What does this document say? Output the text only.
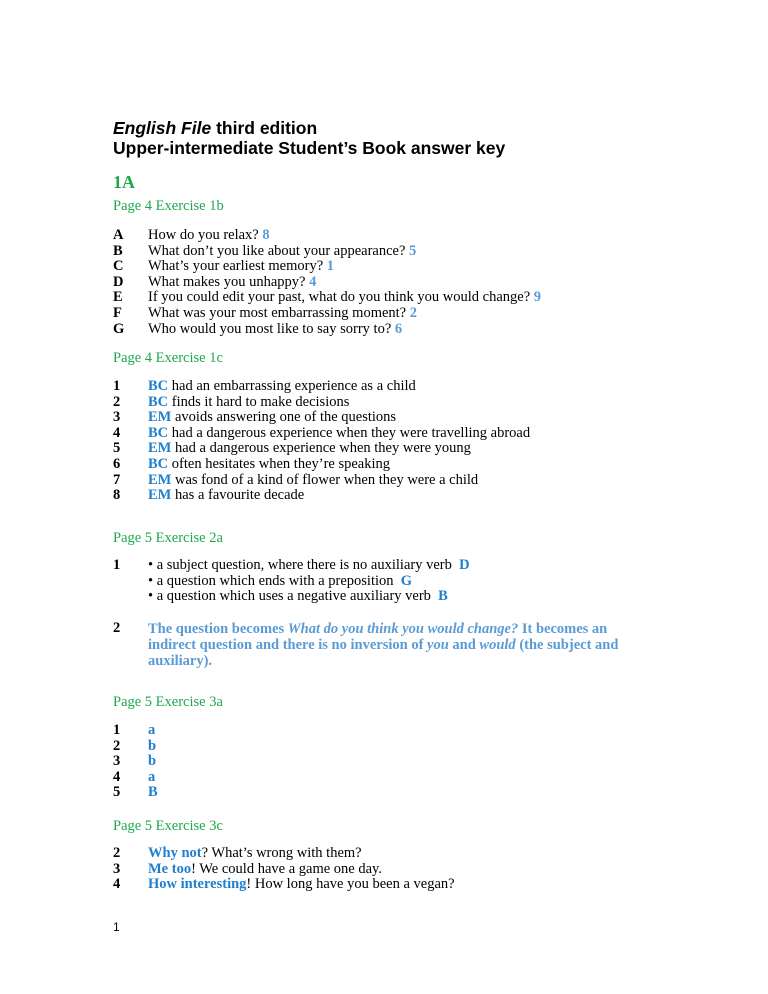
English File third edition
Upper-intermediate Student’s Book answer key
1A
Page 4 Exercise 1b
A	How do you relax? 8
B	What don’t you like about your appearance? 5
C	What’s your earliest memory? 1
D	What makes you unhappy? 4
E	If you could edit your past, what do you think you would change? 9
F	What was your most embarrassing moment? 2
G	Who would you most like to say sorry to? 6
Page 4 Exercise 1c
1	BC had an embarrassing experience as a child
2	BC finds it hard to make decisions
3	EM avoids answering one of the questions
4	BC had a dangerous experience when they were travelling abroad
5	EM had a dangerous experience when they were young
6	BC often hesitates when they’re speaking
7	EM was fond of a kind of flower when they were a child
8	EM has a favourite decade
Page 5 Exercise 2a
1	• a subject question, where there is no auxiliary verb  D
• a question which ends with a preposition  G
• a question which uses a negative auxiliary verb  B
2	The question becomes What do you think you would change? It becomes an indirect question and there is no inversion of you and would (the subject and auxiliary).
Page 5 Exercise 3a
1	a
2	b
3	b
4	a
5	B
Page 5 Exercise 3c
2	Why not? What’s wrong with them?
3	Me too! We could have a game one day.
4	How interesting! How long have you been a vegan?
1
